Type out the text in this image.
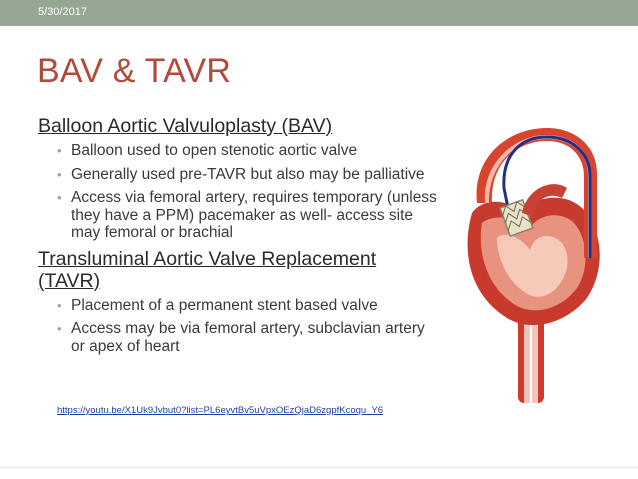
5/30/2017
BAV & TAVR

Balloon Aortic Valvuloplasty (BAV)

• Balloon used to open stenotic aortic valve
• Generally used pre-TAVR but also may be palliative
• Access via femoral artery, requires temporary (unless they have a PPM) pacemaker as well- access site may femoral or brachial

Transluminal Aortic Valve Replacement (TAVR)

• Placement of a permanent stent based valve
• Access may be via femoral artery, subclavian artery or apex of heart
https://youtu.be/X1Uk9Jvbut0?list=PL6eyvtBv5uVpxOEzQjaD6zgpfKcoqu_Y6
